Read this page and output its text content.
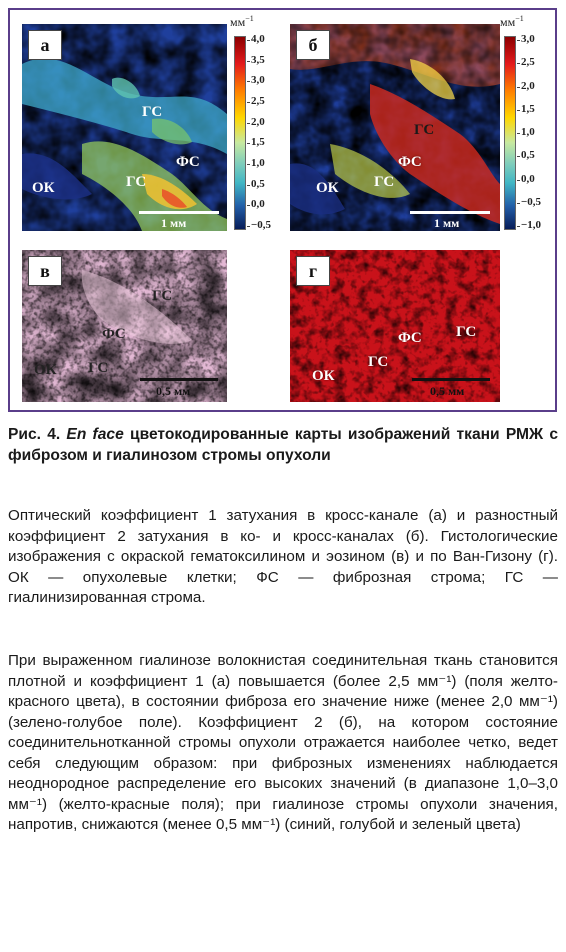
а
ГС
ФС
ГС
ОК
1 мм
$мм^{-1}$
б
ГС
ФС
ГС
ОК
1 мм
$мм^{-1}$
в
ГС
ФС
ОК ГС
0,5 мм
г
ФС ГС
ГС
ОК
0,5 мм
4,0
3,5
3,0
2,5
2,0
1,5
1,0
0,5
0,0
−0,5
3,0
2,5
2,0
1,5
1,0
0,5
0,0
−0,5
−1,0
Рис. 4. En face цветокодированные карты изображений ткани РМЖ с фиброзом и гиалинозом стромы опухоли
Оптический коэффициент 1 затухания в кросс-канале (а) и разностный коэффициент 2 затухания в ко- и кросс-каналах (б). Гистологические изображения с окраской гематоксилином и эозином (в) и по Ван-Гизону (г). ОК — опухолевые клетки; ФС — фиброзная строма; ГС — гиалинизированная строма.
При выраженном гиалинозе волокнистая соединительная ткань становится плотной и коэффициент 1 (а) повышается (более 2,5 мм⁻¹) (поля желто-красного цвета), в состоянии фиброза его значение ниже (менее 2,0 мм⁻¹) (зелено-голубое поле). Коэффициент 2 (б), на котором состояние соединительнотканной стромы опухоли отражается наиболее четко, ведет себя следующим образом: при фиброзных изменениях наблюдается неоднородное распределение его высоких значений (в диапазоне 1,0–3,0 мм⁻¹) (желто-красные поля); при гиалинозе стромы опухоли значения, напротив, снижаются (менее 0,5 мм⁻¹) (синий, голубой и зеленый цвета)
